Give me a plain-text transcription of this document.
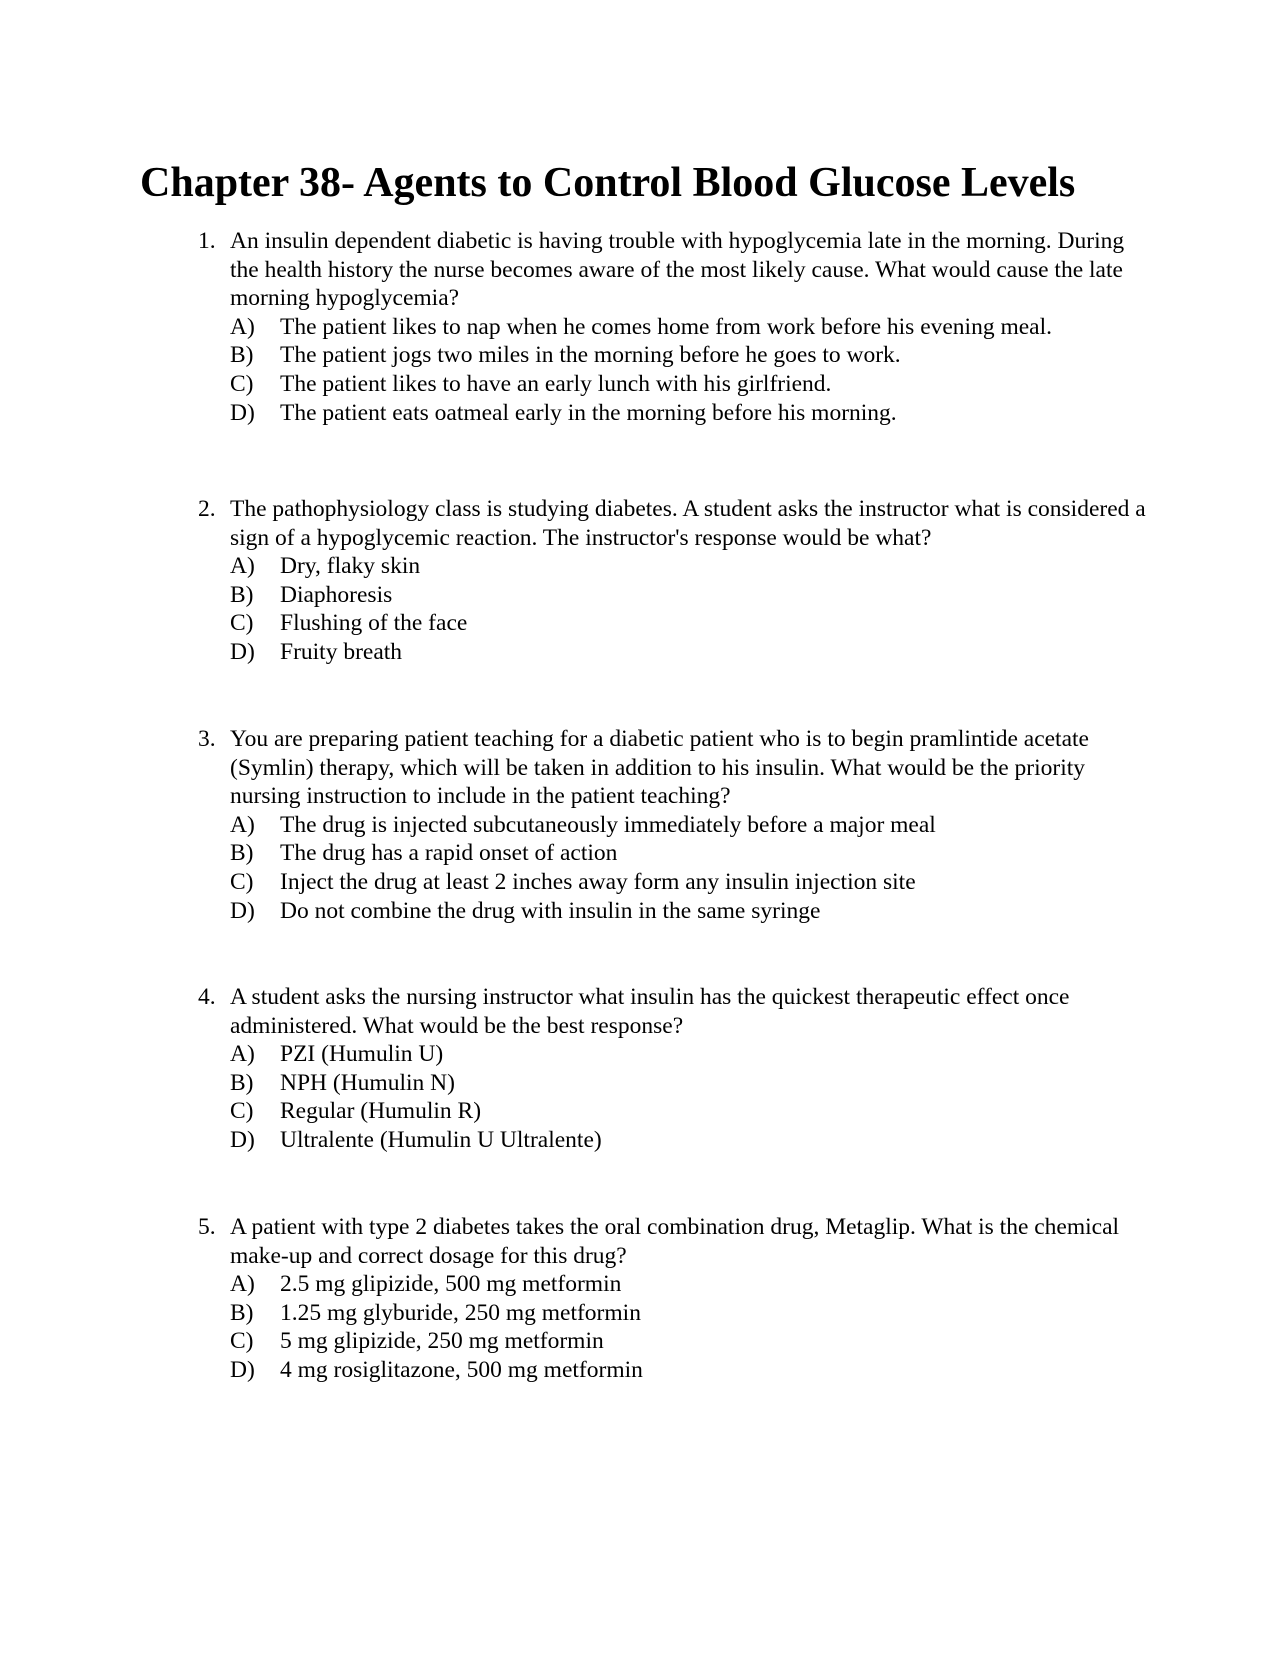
Chapter 38- Agents to Control Blood Glucose Levels
1. An insulin dependent diabetic is having trouble with hypoglycemia late in the morning. During the health history the nurse becomes aware of the most likely cause. What would cause the late morning hypoglycemia?
A)	The patient likes to nap when he comes home from work before his evening meal.
B)	The patient jogs two miles in the morning before he goes to work.
C)	The patient likes to have an early lunch with his girlfriend.
D)	The patient eats oatmeal early in the morning before his morning.
2. The pathophysiology class is studying diabetes. A student asks the instructor what is considered a sign of a hypoglycemic reaction. The instructor's response would be what?
A)	Dry, flaky skin
B)	Diaphoresis
C)	Flushing of the face
D)	Fruity breath
3. You are preparing patient teaching for a diabetic patient who is to begin pramlintide acetate (Symlin) therapy, which will be taken in addition to his insulin. What would be the priority nursing instruction to include in the patient teaching?
A)	The drug is injected subcutaneously immediately before a major meal
B)	The drug has a rapid onset of action
C)	Inject the drug at least 2 inches away form any insulin injection site
D)	Do not combine the drug with insulin in the same syringe
4. A student asks the nursing instructor what insulin has the quickest therapeutic effect once administered. What would be the best response?
A)	PZI (Humulin U)
B)	NPH (Humulin N)
C)	Regular (Humulin R)
D)	Ultralente (Humulin U Ultralente)
5. A patient with type 2 diabetes takes the oral combination drug, Metaglip. What is the chemical make-up and correct dosage for this drug?
A)	2.5 mg glipizide, 500 mg metformin
B)	1.25 mg glyburide, 250 mg metformin
C)	5 mg glipizide, 250 mg metformin
D)	4 mg rosiglitazone, 500 mg metformin
